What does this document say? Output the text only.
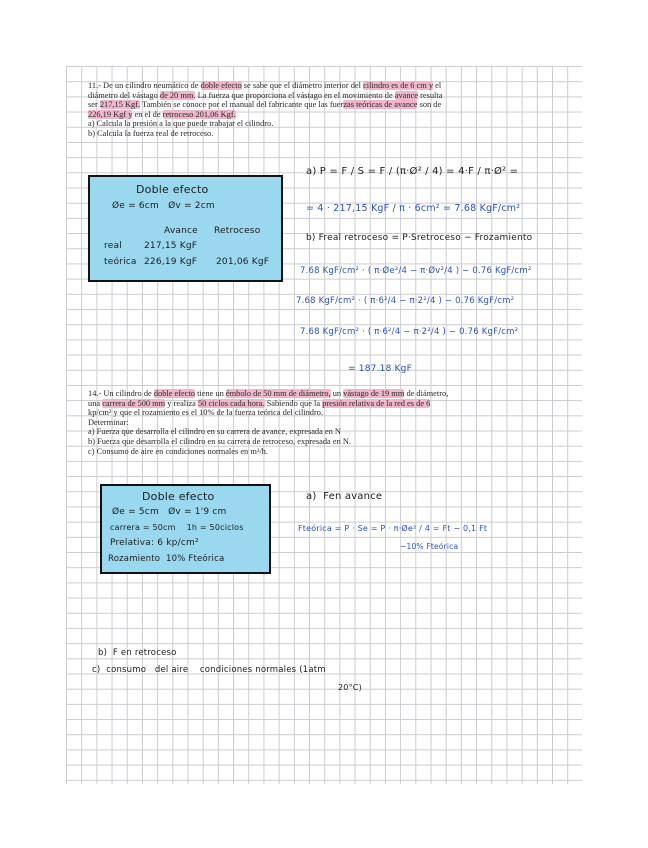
11.- De un cilindro neumático de doble efecto se sabe que el diámetro interior del cilindro es de 6 cm y el

diámetro del vástago de 20 mm. La fuerza que proporciona el vástago en el movimiento de avance resulta

ser 217,15 Kgf. También se conoce por el manual del fabricante que las fuerzas teóricas de avance son de

226,19 Kgf y en el de retroceso 201,06 Kgf.

a) Calcula la presión a la que puede trabajar el cilindro.

b) Calcula la fuerza real de retroceso.

Doble efecto
Øe = 6cm   Øv = 2cm
Avance Retroceso
real 217,15 KgF
teórica 226,19 KgF 201,06 KgF
a) P = F / S = F / (π·Ø² / 4) = 4·F / π·Ø² =
= 4 · 217,15 KgF / π · 6cm² = 7.68 KgF/cm²
b) Freal retroceso = P·Sretroceso − Frozamiento
7.68 KgF/cm² · ( π·Øe²/4 − π·Øv²/4 ) − 0.76 KgF/cm²
7.68 KgF/cm² · ( π·6²/4 − π·2²/4 ) − 0.76 KgF/cm²
7.68 KgF/cm² · ( π·6²/4 − π·2²/4 ) − 0.76 KgF/cm²
= 187.18 KgF

14.- Un cilindro de doble efecto tiene un émbolo de 50 mm de diámetro, un vástago de 19 mm de diámetro,

una carrera de 500 mm y realiza 50 ciclos cada hora. Sabiendo que la presión relativa de la red es de 6

kp/cm² y que el rozamiento es el 10% de la fuerza teórica del cilindro.

Determinar:

a) Fuerza que desarrolla el cilindro en su carrera de avance, expresada en N

b) Fuerza que desarrolla el cilindro en su carrera de retroceso, expresada en N.

c) Consumo de aire en condiciones normales en m³/h.

Doble efecto
Øe = 5cm   Øv = 1'9 cm
carrera = 50cm    1h = 50ciclos
Prelativa: 6 kp/cm²
Rozamiento  10% Fteórica
a)  Fen avance
Fteórica = P · Se = P · π·Øe² / 4 = Ft − 0,1 Ft
−10% Fteórica
b)  F en retroceso
c)  consumo   del aire    condiciones normales (1atm
20°C)
